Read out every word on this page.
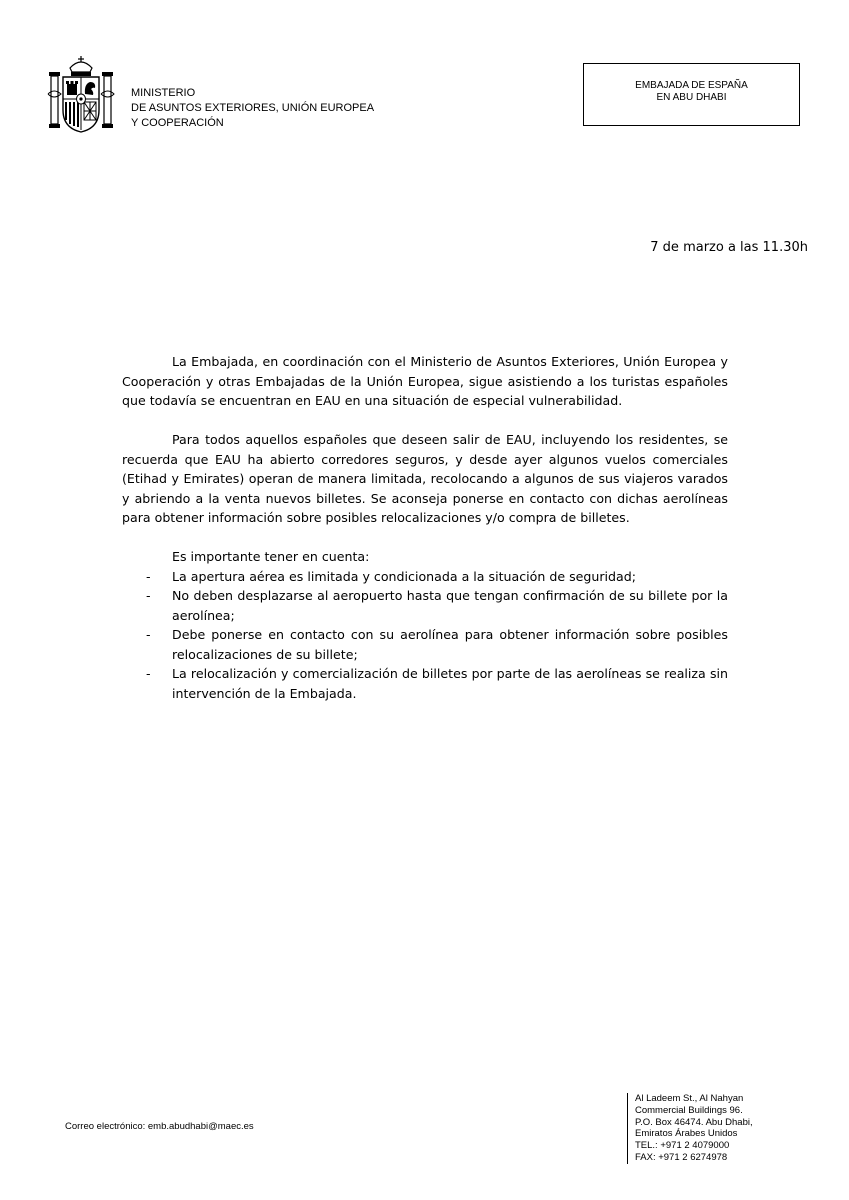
MINISTERIO
DE ASUNTOS EXTERIORES, UNIÓN EUROPEA
Y COOPERACIÓN
EMBAJADA DE ESPAÑA
EN ABU DHABI
7 de marzo a las 11.30h

La Embajada, en coordinación con el Ministerio de Asuntos Exteriores, Unión Europea y Cooperación y otras Embajadas de la Unión Europea, sigue asistiendo a los turistas españoles que todavía se encuentran en EAU en una situación de especial vulnerabilidad.

Para todos aquellos españoles que deseen salir de EAU, incluyendo los residentes, se recuerda que EAU ha abierto corredores seguros, y desde ayer algunos vuelos comerciales (Etihad y Emirates) operan de manera limitada, recolocando a algunos de sus viajeros varados y abriendo a la venta nuevos billetes. Se aconseja ponerse en contacto con dichas aerolíneas para obtener información sobre posibles relocalizaciones y/o compra de billetes.

Es importante tener en cuenta:

- La apertura aérea es limitada y condicionada a la situación de seguridad;
- No deben desplazarse al aeropuerto hasta que tengan confirmación de su billete por la aerolínea;
- Debe ponerse en contacto con su aerolínea para obtener información sobre posibles relocalizaciones de su billete;
- La relocalización y comercialización de billetes por parte de las aerolíneas se realiza sin intervención de la Embajada.
Correo electrónico: emb.abudhabi@maec.es
Al Ladeem St., Al Nahyan
Commercial Buildings 96.
P.O. Box 46474. Abu Dhabi,
Emiratos Árabes Unidos
TEL.: +971 2 4079000
FAX: +971 2 6274978
